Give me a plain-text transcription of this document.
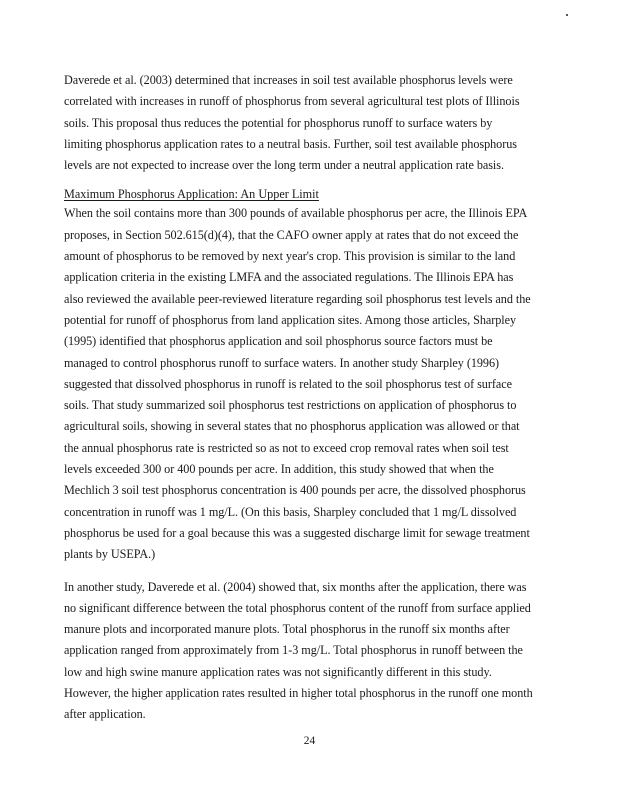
Daverede et al. (2003) determined that increases in soil test available phosphorus levels were
correlated with increases in runoff of phosphorus from several agricultural test plots of Illinois
soils. This proposal thus reduces the potential for phosphorus runoff to surface waters by
limiting phosphorus application rates to a neutral basis. Further, soil test available phosphorus
levels are not expected to increase over the long term under a neutral application rate basis.

Maximum Phosphorus Application: An Upper Limit

When the soil contains more than 300 pounds of available phosphorus per acre, the Illinois EPA
proposes, in Section 502.615(d)(4), that the CAFO owner apply at rates that do not exceed the
amount of phosphorus to be removed by next year's crop. This provision is similar to the land
application criteria in the existing LMFA and the associated regulations. The Illinois EPA has
also reviewed the available peer-reviewed literature regarding soil phosphorus test levels and the
potential for runoff of phosphorus from land application sites. Among those articles, Sharpley
(1995) identified that phosphorus application and soil phosphorus source factors must be
managed to control phosphorus runoff to surface waters. In another study Sharpley (1996)
suggested that dissolved phosphorus in runoff is related to the soil phosphorus test of surface
soils. That study summarized soil phosphorus test restrictions on application of phosphorus to
agricultural soils, showing in several states that no phosphorus application was allowed or that
the annual phosphorus rate is restricted so as not to exceed crop removal rates when soil test
levels exceeded 300 or 400 pounds per acre. In addition, this study showed that when the
Mechlich 3 soil test phosphorus concentration is 400 pounds per acre, the dissolved phosphorus
concentration in runoff was 1 mg/L. (On this basis, Sharpley concluded that 1 mg/L dissolved
phosphorus be used for a goal because this was a suggested discharge limit for sewage treatment
plants by USEPA.)

In another study, Daverede et al. (2004) showed that, six months after the application, there was
no significant difference between the total phosphorus content of the runoff from surface applied
manure plots and incorporated manure plots. Total phosphorus in the runoff six months after
application ranged from approximately from 1-3 mg/L. Total phosphorus in runoff between the
low and high swine manure application rates was not significantly different in this study.
However, the higher application rates resulted in higher total phosphorus in the runoff one month
after application.

24
